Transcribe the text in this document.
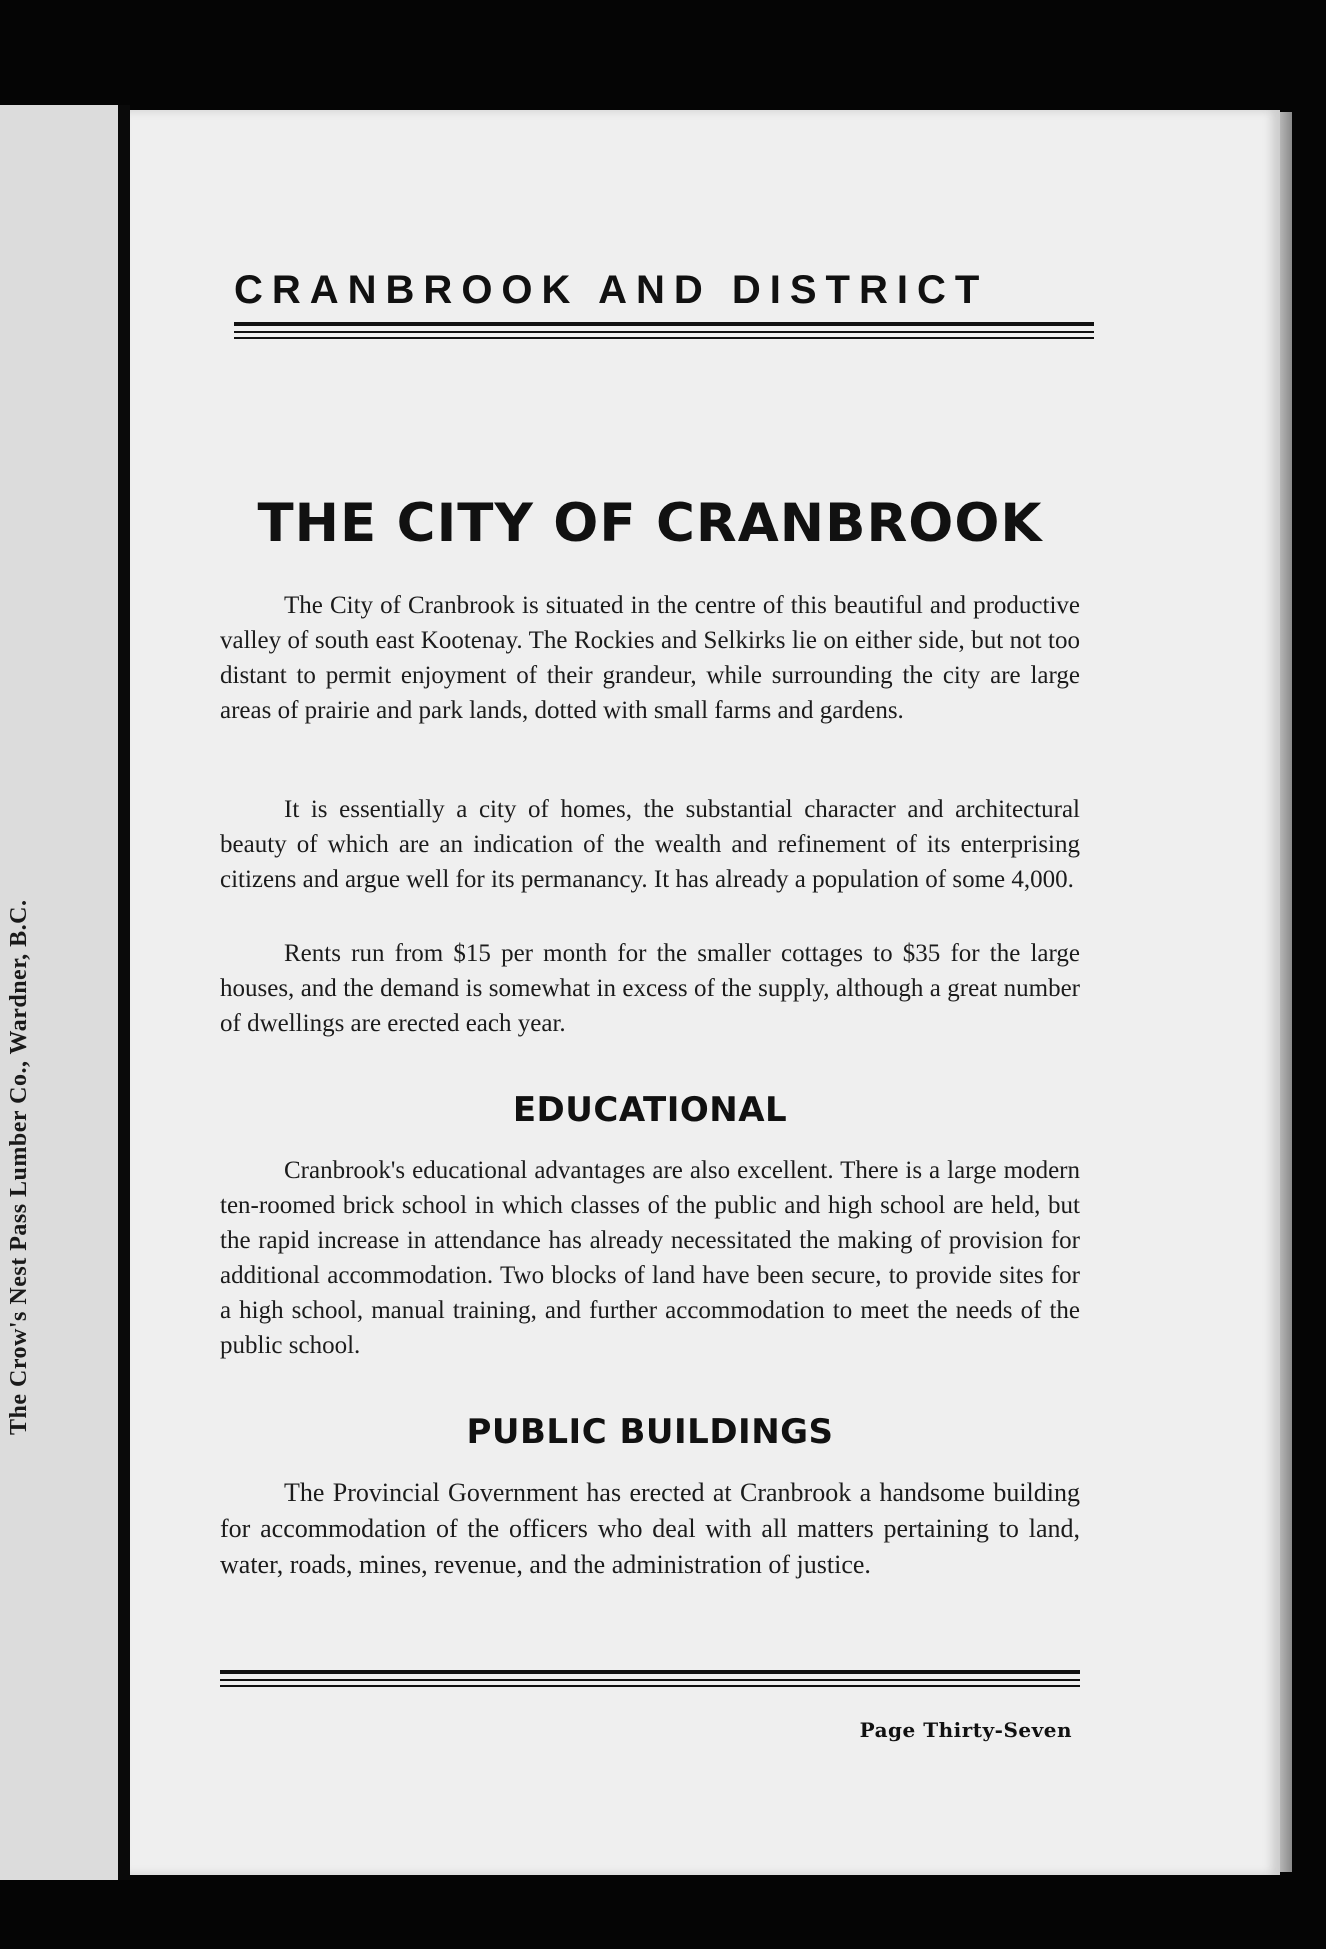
The Crow's Nest Pass Lumber Co., Wardner, B.C.
CRANBROOK AND DISTRICT
THE CITY OF CRANBROOK

The City of Cranbrook is situated in the centre of this beautiful and productive valley of south east Kootenay. The Rockies and Selkirks lie on either side, but not too distant to permit enjoyment of their grandeur, while surrounding the city are large areas of prairie and park lands, dotted with small farms and gardens.

It is essentially a city of homes, the substantial character and architectural beauty of which are an indication of the wealth and refinement of its enterprising citizens and argue well for its permanancy. It has already a population of some 4,000.

Rents run from $15 per month for the smaller cottages to $35 for the large houses, and the demand is somewhat in excess of the supply, although a great number of dwellings are erected each year.

EDUCATIONAL

Cranbrook's educational advantages are also excellent. There is a large modern ten-roomed brick school in which classes of the public and high school are held, but the rapid increase in attendance has already necessitated the making of provision for additional accommodation. Two blocks of land have been secure, to provide sites for a high school, manual training, and further accommodation to meet the needs of the public school.

PUBLIC BUILDINGS

The Provincial Government has erected at Cranbrook a handsome building for accommodation of the officers who deal with all matters pertaining to land, water, roads, mines, revenue, and the administration of justice.

Page Thirty-Seven
